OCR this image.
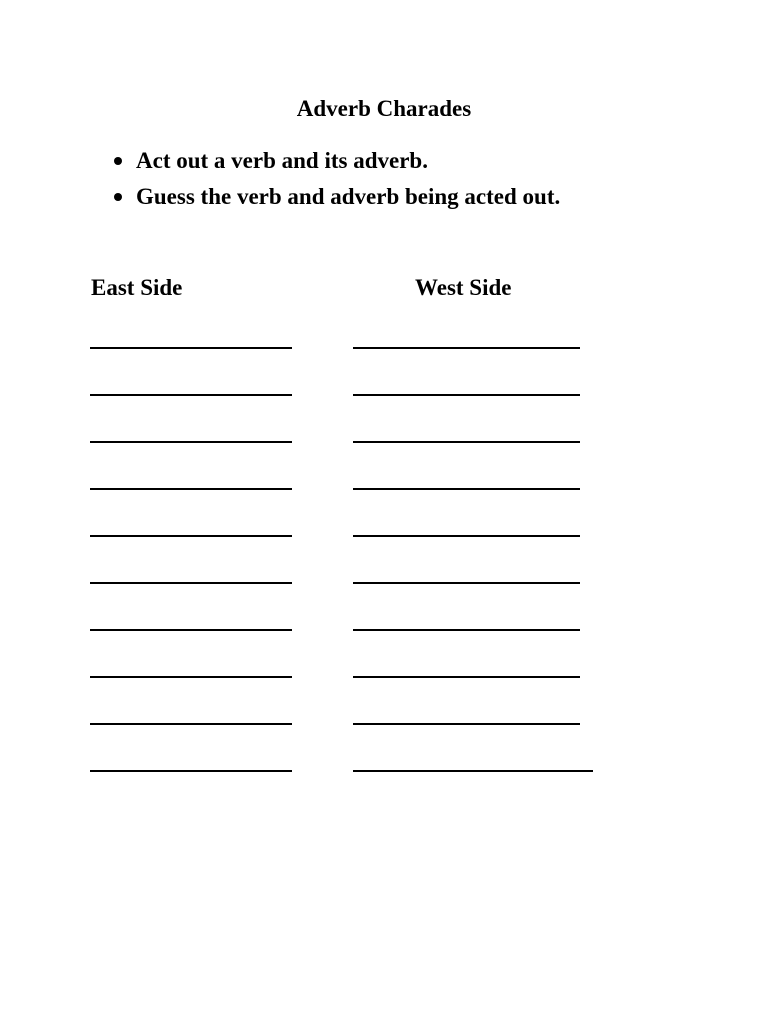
Adverb Charades
Act out a verb and its adverb.
Guess the verb and adverb being acted out.
East Side	West Side
